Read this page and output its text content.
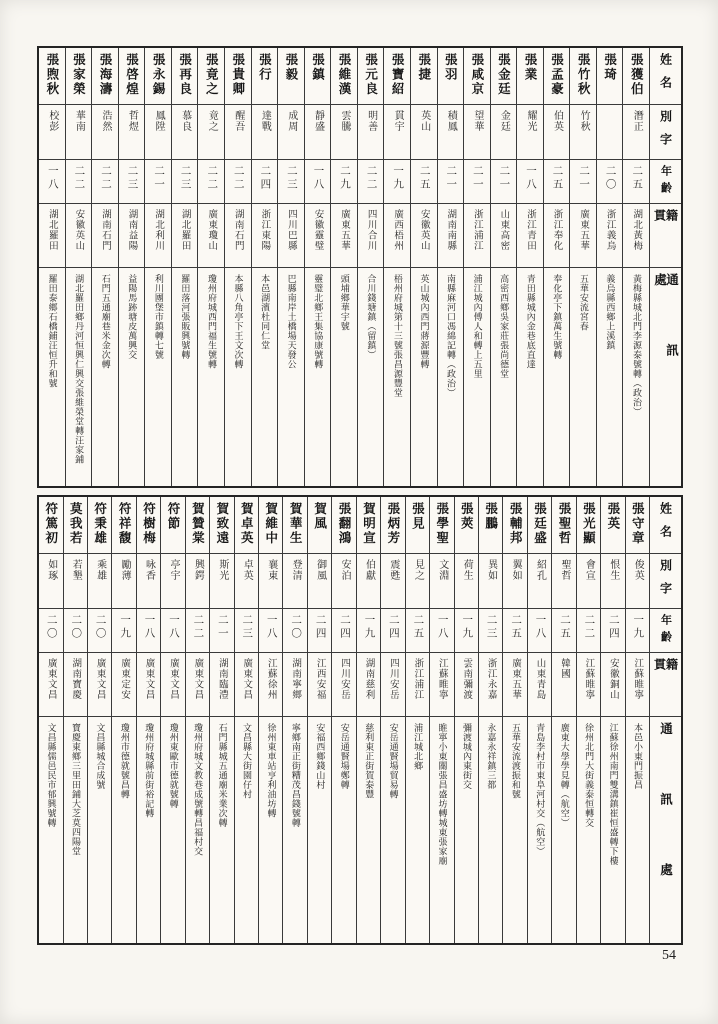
姓名
別字
年齡
籍貫
通訊處
張獲伯
潛正
二五
湖北黃梅
黃梅縣城北門李源泰號轉（政治）
張琦
二〇
浙江義烏
義烏縣西鄉上溪鎮
張竹秋
竹秋
二一
廣東五華
五華安流宮春
張孟豪
伯英
二五
浙江奉化
奉化亭下鎮萬生號轉
張業
耀光
一八
浙江青田
青田縣城內金巷底直達
張金廷
金廷
二一
山東高密
高密西鄉吳家莊張尚德堂
張咸京
望華
二一
浙江浦江
浦江城內傅人和轉上五里
張羽
積鳳
二一
湖南南縣
南縣麻河口馮綿記轉（政治）
張捷
英山
二五
安徽英山
英山城內西門蔣源豐轉
張寶紹
貫宇
一九
廣西梧州
梧州府城第十三號張昌源豐堂
張元良
明善
二二
四川合川
合川錢塘鎮（留鎮）
張維漢
雲騰
二九
廣東五華
頭埔鄉華宇號
張鎮
靜盛
一八
安徽靈璧
靈璧北鄉王集協康號轉
張毅
成周
二三
四川巴縣
巴縣南岸土橋場天發公
張行
達戰
二四
浙江東陽
本邑湖濱杜同仁堂
張貴卿
醒吾
二二
湖南石門
本縣八角亭下王文次轉
張竟之
竟之
二二
廣東瓊山
瓊州府城西門福生號轉
張再良
慕良
二三
湖北羅田
羅田落河張販興號轉
張永錫
鳳陞
二一
湖北利川
利川團堡市鎮轉七號
張啓煌
哲煜
二三
湖南益陽
益陽馬跡塘皮萬興交
張海濤
浩然
二二
湖南石門
石門五通廟巷米金次轉
張家榮
華南
二二
安徽英山
湖北羅田鄉丹河恒興仁興交張維榮堂轉汪家鋪
張煦秋
校彭
一八
湖北羅田
羅田泰鄉石橋鋪汪恒升和號
姓名
別字
年齡
籍貫
通訊處
張守章
俊英
一九
江蘇睢寧
本邑小東門振昌
張英
恨生
二四
安徽銅山
江蘇徐州南門雙溝鎮崔恒盛轉下樓
張光顯
會宣
二二
江蘇睢寧
徐州北門大街義泰恒轉交
張聖哲
聖哲
二五
韓國
廣東大學學見轉（航空）
張廷盛
紹孔
一八
山東青島
青島李村市東阜河村交（航空）
張輔邦
翼如
二五
廣東五華
五華安流渡振和號
張鵬
異如
二三
浙江永嘉
永嘉永祥鎮三都
張莢
荷生
一九
雲南彌渡
彌渡城內東街交
張學聖
文淵
一八
江蘇睢寧
睢寧小東關張昌盛坊轉城東張家廟
張見
見之
二五
浙江浦江
浦江城北鄉
張炳芳
震甦
二四
四川安岳
安岳通賢場貿易轉
賀明宣
伯獻
一九
湖南慈利
慈利東正街賀泰豐
張翻鴻
安泊
二四
四川安岳
安岳通賢場鄭轉
賀風
御風
二四
江西安福
安福西鄉錢山村
賀華生
登清
二〇
湖南寧鄉
寧鄉南正街糟茂昌錢號轉
賀維中
襄東
一八
江蘇徐州
徐州東車站亨利油坊轉
賀卓英
卓英
二三
廣東文昌
文昌縣大街園仔村
賀致遠
斯光
二一
湖南臨澧
石門縣城五通廟米業次轉
賀贊棠
興鍔
二二
廣東文昌
瓊州府城文教巷成號轉昌福村交
符節
亭宇
一八
廣東文昌
瓊州東歐市德就號轉
符樹梅
咏香
一八
廣東文昌
瓊州府城縣前街裕記轉
符祥馥
勵薄
一九
廣東定安
瓊州市德就號昌轉
符秉雄
乘雄
二〇
廣東文昌
文昌縣城合成號
莫我若
若墾
二〇
湖南寶慶
寶慶東鄉三里田鋪大芝莫四陽堂
符篤初
如琢
二〇
廣東文昌
文昌縣儒邑民市郁興號轉
54
